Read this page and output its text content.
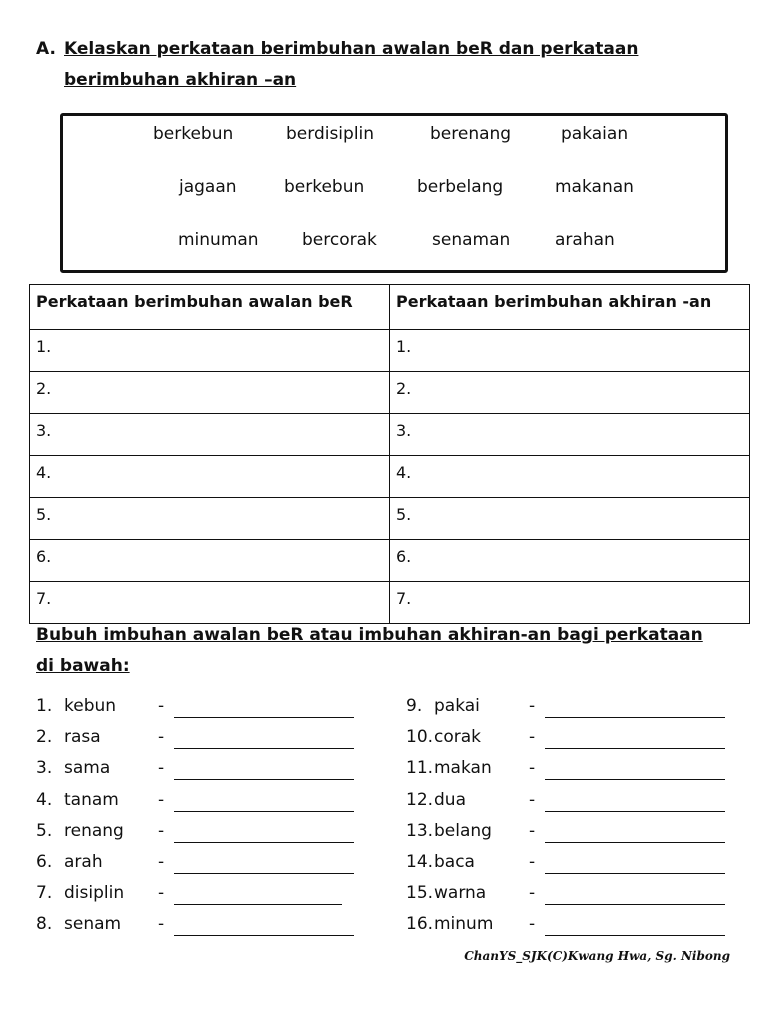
A. Kelaskan perkataan berimbuhan awalan beR dan perkataan
berimbuhan akhiran –an
berkebun	berdisiplin	berenang	pakaian
jagaan	berkebun	berbelang	makanan
minuman	bercorak	senaman	arahan
Perkataan berimbuhan awalan beR	Perkataan berimbuhan akhiran -an
1.	1.
2.	2.
3.	3.
4.	4.
5.	5.
6.	6.
7.	7.
Bubuh imbuhan awalan beR atau imbuhan akhiran-an bagi perkataan
di bawah:
1. kebun -
2. rasa	-
3. sama	-
4. tanam -
5. renang -
6. arah	-
7. disiplin -
8. senam -
9. pakai	-
10. corak	-
11. makan -
12. dua	-
13. belang -
14. baca	-
15. warna	-
16. minum -
ChanYS_SJK(C)Kwang Hwa, Sg. Nibong
